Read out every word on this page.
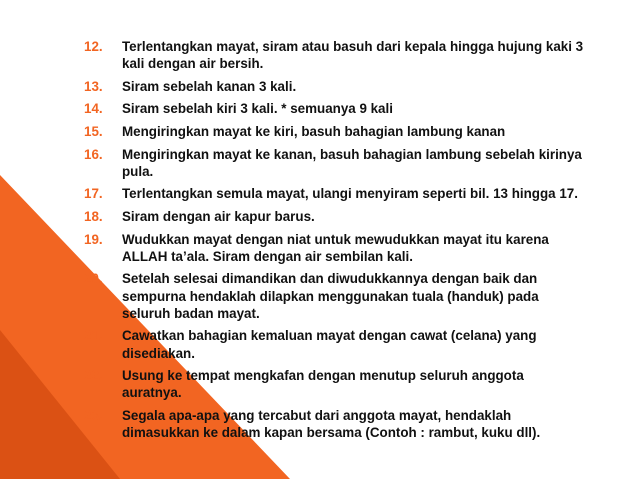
12. Terlentangkan mayat, siram atau basuh dari kepala hingga hujung kaki 3 kali dengan air bersih.
13. Siram sebelah kanan 3 kali.
14. Siram sebelah kiri 3 kali. * semuanya 9 kali
15. Mengiringkan mayat ke kiri, basuh bahagian lambung kanan
16. Mengiringkan mayat ke kanan, basuh bahagian lambung sebelah kirinya pula.
17. Terlentangkan semula mayat, ulangi menyiram seperti bil. 13 hingga 17.
18. Siram dengan air kapur barus.
19. Wudukkan mayat dengan niat untuk mewudukkan mayat itu karena ALLAH ta’ala. Siram dengan air sembilan kali.
20. Setelah selesai dimandikan dan diwudukkannya dengan baik dan sempurna hendaklah dilapkan menggunakan tuala (handuk) pada seluruh badan mayat.
21. Cawatkan bahagian kemaluan mayat dengan cawat (celana) yang disediakan.
22. Usung ke tempat mengkafan dengan menutup seluruh anggota auratnya.
23. Segala apa-apa yang tercabut dari anggota mayat, hendaklah dimasukkan ke dalam kapan bersama (Contoh : rambut, kuku dll).
